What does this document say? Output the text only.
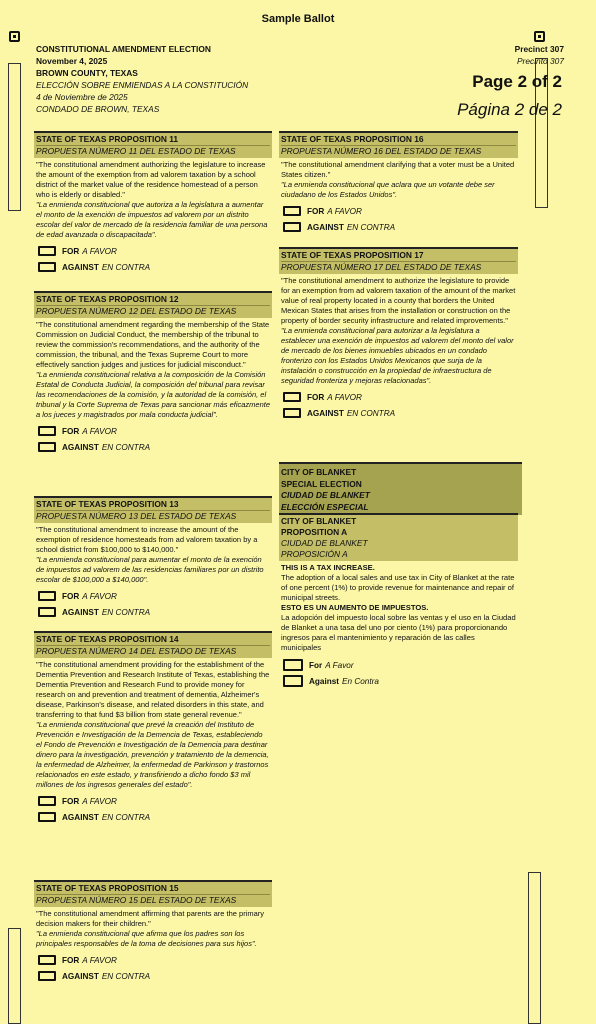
Sample Ballot
CONSTITUTIONAL AMENDMENT ELECTION
November 4, 2025
BROWN COUNTY, TEXAS
ELECCIÓN SOBRE ENMIENDAS A LA CONSTITUCIÓN
4 de Noviembre de 2025
CONDADO DE BROWN, TEXAS
Precinct 307
Precinto 307
Page 2 of 2
Página 2 de 2
STATE OF TEXAS PROPOSITION 11
PROPUESTA NÚMERO 11 DEL ESTADO DE TEXAS
"The constitutional amendment authorizing the legislature to increase the amount of the exemption from ad valorem taxation by a school district of the market value of the residence homestead of a person who is elderly or disabled."
"La enmienda constitucional que autoriza a la legislatura a aumentar el monto de la exención de impuestos ad valorem por un distrito escolar del valor de mercado de la residencia familiar de una persona de edad avanzada o discapacitada".
FOR A FAVOR
AGAINST EN CONTRA
STATE OF TEXAS PROPOSITION 12
PROPUESTA NÚMERO 12 DEL ESTADO DE TEXAS
"The constitutional amendment regarding the membership of the State Commission on Judicial Conduct, the membership of the tribunal to review the commission's recommendations, and the authority of the commission, the tribunal, and the Texas Supreme Court to more effectively sanction judges and justices for judicial misconduct."
"La enmienda constitucional relativa a la composición de la Comisión Estatal de Conducta Judicial, la composición del tribunal para revisar las recomendaciones de la comisión, y la autoridad de la comisión, el tribunal y la Corte Suprema de Texas para sancionar más eficazmente a los jueces y magistrados por mala conducta judicial".
FOR A FAVOR
AGAINST EN CONTRA
STATE OF TEXAS PROPOSITION 13
PROPUESTA NÚMERO 13 DEL ESTADO DE TEXAS
"The constitutional amendment to increase the amount of the exemption of residence homesteads from ad valorem taxation by a school district from $100,000 to $140,000."
"La enmienda constitucional para aumentar el monto de la exención de impuestos ad valorem de las residencias familiares por un distrito escolar de $100,000 a $140,000".
FOR A FAVOR
AGAINST EN CONTRA
STATE OF TEXAS PROPOSITION 14
PROPUESTA NÚMERO 14 DEL ESTADO DE TEXAS
"The constitutional amendment providing for the establishment of the Dementia Prevention and Research Institute of Texas, establishing the Dementia Prevention and Research Fund to provide money for research on and prevention and treatment of dementia, Alzheimer's disease, Parkinson's disease, and related disorders in this state, and transferring to that fund $3 billion from state general revenue."
"La enmienda constitucional que prevé la creación del Instituto de Prevención e Investigación de la Demencia de Texas, estableciendo el Fondo de Prevención e Investigación de la Demencia para destinar dinero para la investigación, prevención y tratamiento de la demencia, la enfermedad de Alzheimer, la enfermedad de Parkinson y trastornos relacionados en este estado, y transfiriendo a dicho fondo $3 mil millones de los ingresos generales del estado".
FOR A FAVOR
AGAINST EN CONTRA
STATE OF TEXAS PROPOSITION 15
PROPUESTA NÚMERO 15 DEL ESTADO DE TEXAS
"The constitutional amendment affirming that parents are the primary decision makers for their children."
"La enmienda constitucional que afirma que los padres son los principales responsables de la toma de decisiones para sus hijos".
FOR A FAVOR
AGAINST EN CONTRA
STATE OF TEXAS PROPOSITION 16
PROPUESTA NÚMERO 16 DEL ESTADO DE TEXAS
"The constitutional amendment clarifying that a voter must be a United States citizen."
"La enmienda constitucional que aclara que un votante debe ser ciudadano de los Estados Unidos".
FOR A FAVOR
AGAINST EN CONTRA
STATE OF TEXAS PROPOSITION 17
PROPUESTA NÚMERO 17 DEL ESTADO DE TEXAS
"The constitutional amendment to authorize the legislature to provide for an exemption from ad valorem taxation of the amount of the market value of real property located in a county that borders the United Mexican States that arises from the installation or construction on the property of border security infrastructure and related improvements."
"La enmienda constitucional para autorizar a la legislatura a establecer una exención de impuestos ad valorem del monto del valor de mercado de los bienes inmuebles ubicados en un condado fronterizo con los Estados Unidos Mexicanos que surja de la instalación o construcción en la propiedad de infraestructura de seguridad fronteriza y mejoras relacionadas".
FOR A FAVOR
AGAINST EN CONTRA
CITY OF BLANKET
SPECIAL ELECTION
CIUDAD DE BLANKET
ELECCIÓN ESPECIAL
CITY OF BLANKET
PROPOSITION A
CIUDAD DE BLANKET
PROPOSICIÓN A
THIS IS A TAX INCREASE.
The adoption of a local sales and use tax in City of Blanket at the rate of one percent (1%) to provide revenue for maintenance and repair of municipal streets.
ESTO ES UN AUMENTO DE IMPUESTOS.
La adopción del impuesto local sobre las ventas y el uso en la Ciudad de Blanket a una tasa del uno por ciento (1%) para proporcionando ingresos para el mantenimiento y reparación de las calles municipales
For A Favor
Against En Contra
